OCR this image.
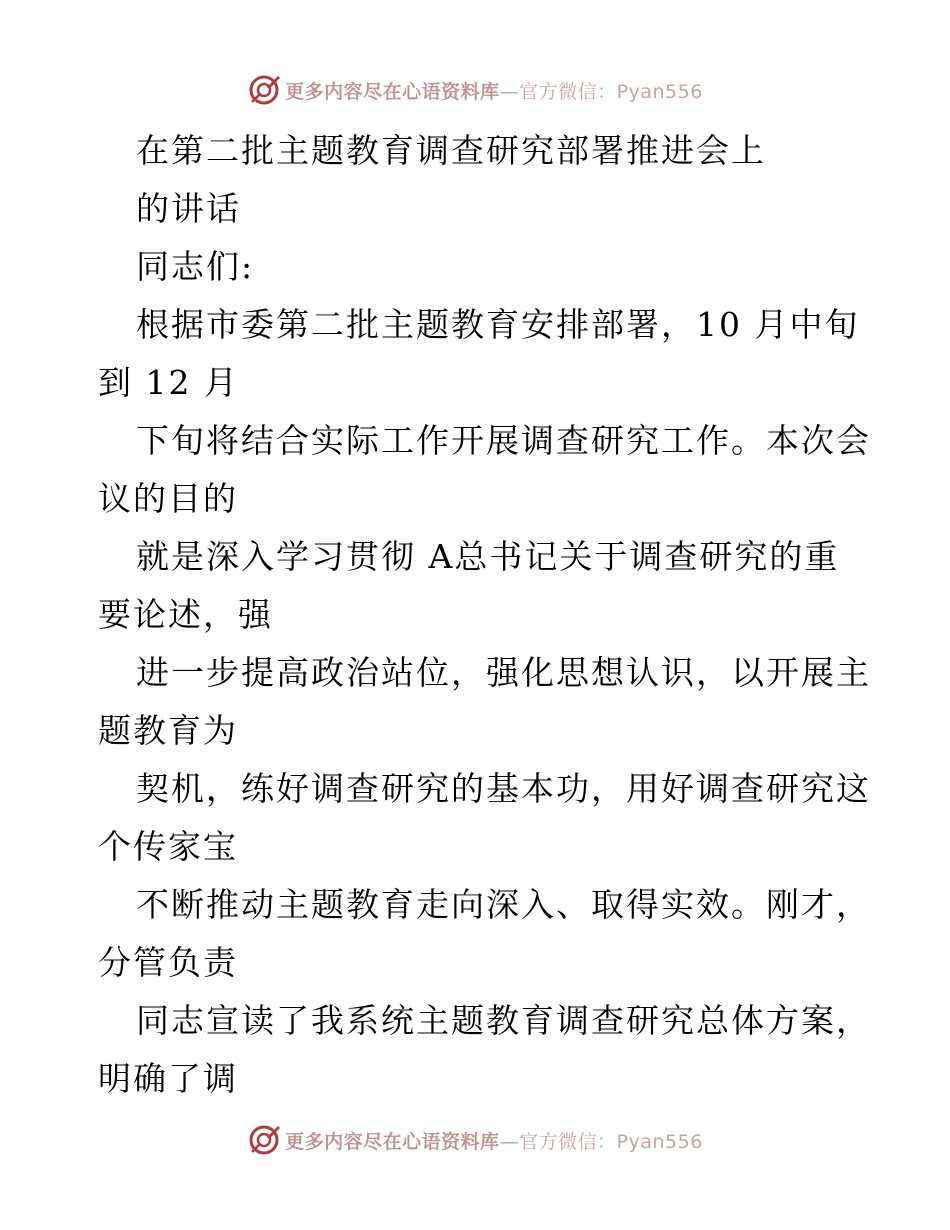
更多内容尽在心语资料库—官方微信：Pyan556
在第二批主题教育调查研究部署推进会上
的讲话
同志们:
根据市委第二批主题教育安排部署，10 月中旬
到 12 月
下旬将结合实际工作开展调查研究工作。本次会
议的目的
就是深入学习贯彻 A总书记关于调查研究的重
要论述，强
进一步提高政治站位，强化思想认识，以开展主
题教育为
契机，练好调查研究的基本功，用好调查研究这
个传家宝
不断推动主题教育走向深入、取得实效。刚才，
分管负责
同志宣读了我系统主题教育调查研究总体方案，
明确了调
更多内容尽在心语资料库—官方微信：Pyan556
